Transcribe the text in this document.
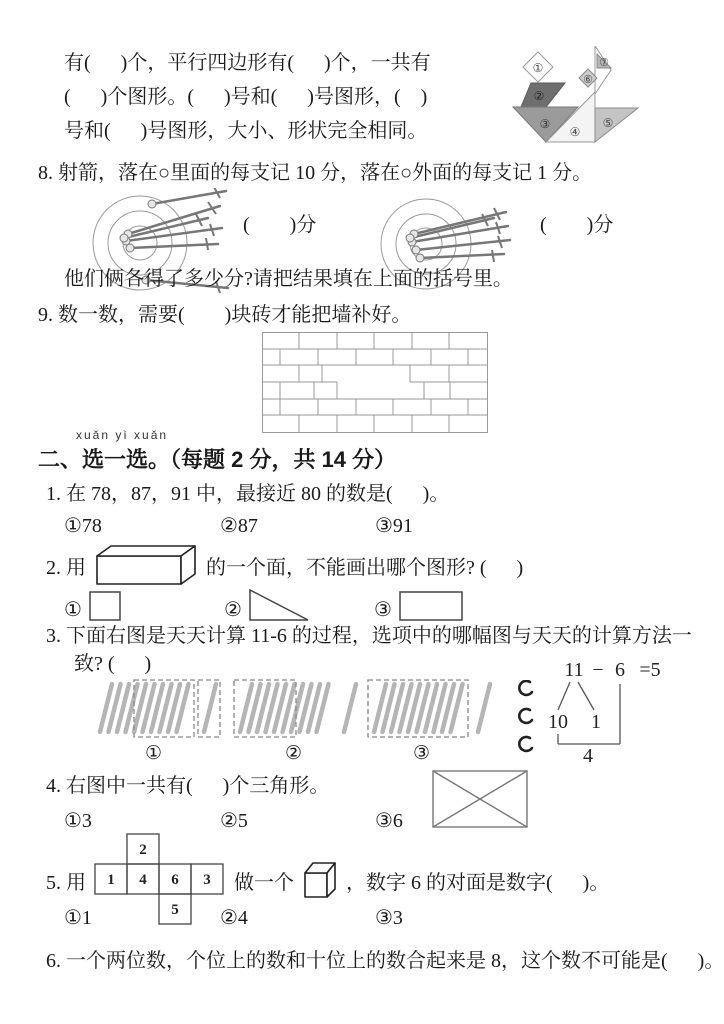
有(      )个，平行四边形有(      )个，一共有
(      )个图形。(      )号和(      )号图形，(    )
号和(      )号图形，大小、形状完全相同。
①
②
③
④
⑤
⑥
⑦
8. 射箭，落在○里面的每支记 10 分，落在○外面的每支记 1 分。
(        )分	(        )分
他们俩各得了多少分?请把结果填在上面的括号里。
9. 数一数，需要(        )块砖才能把墙补好。
xuǎn yì xuǎn
二、选一选。（每题 2 分，共 14 分）
1. 在 78，87，91 中，最接近 80 的数是(      )。
①78	②87	③91
2. 用	的一个面，不能画出哪个图形? (      )
①	②	③
3. 下面右图是天天计算 11-6 的过程，选项中的哪幅图与天天的计算方法一
致? (      )
①	②	③
11 − 6 =5
10 1
4
4. 右图中一共有(      )个三角形。
①3	②5	③6
5. 用
2
1 4 6 3
5
做一个	，数字 6 的对面是数字(      )。
①1	②4	③3
6. 一个两位数，个位上的数和十位上的数合起来是 8，这个数不可能是(      )。
